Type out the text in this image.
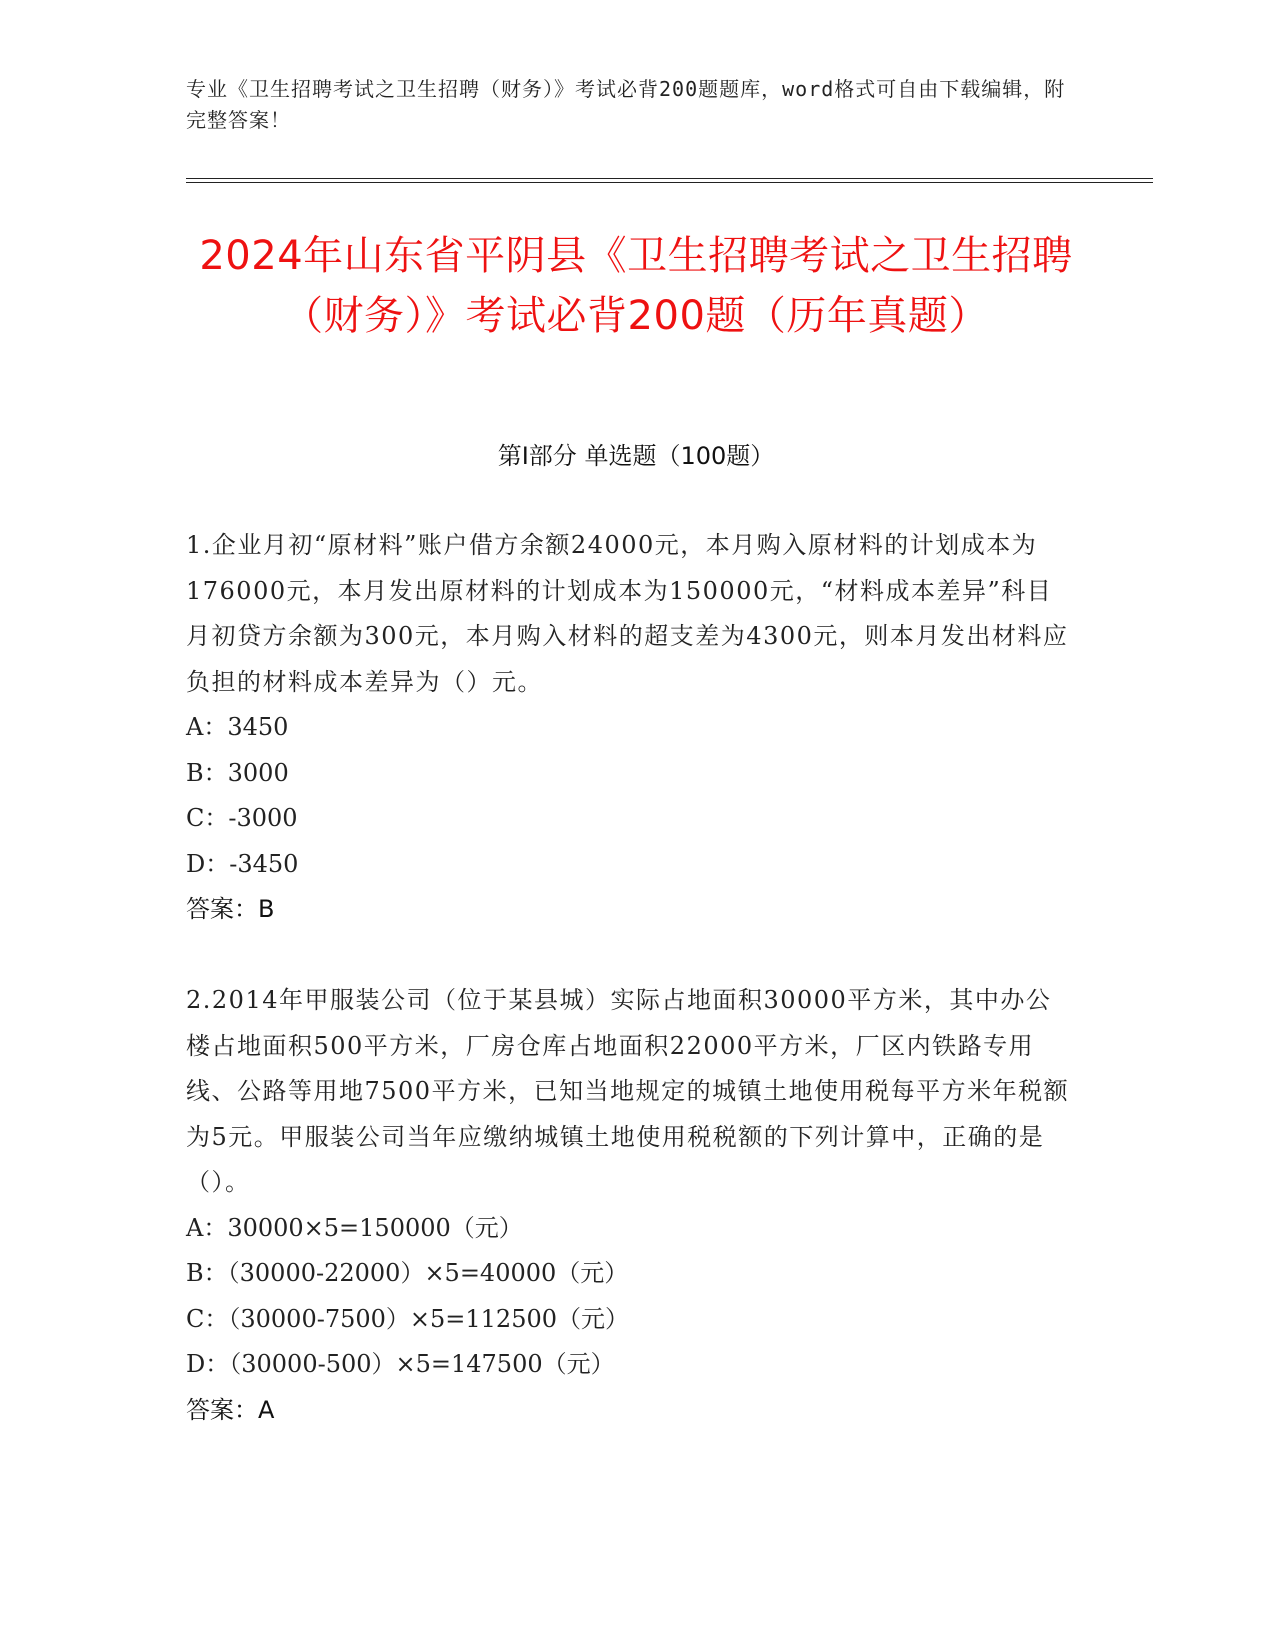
专业《卫生招聘考试之卫生招聘（财务）》考试必背200题题库，word格式可自由下载编辑，附完整答案！
2024年山东省平阴县《卫生招聘考试之卫生招聘（财务）》考试必背200题（历年真题）
第I部分 单选题（100题）
1.企业月初“原材料”账户借方余额24000元，本月购入原材料的计划成本为176000元，本月发出原材料的计划成本为150000元，“材料成本差异”科目月初贷方余额为300元，本月购入材料的超支差为4300元，则本月发出材料应负担的材料成本差异为（）元。
A：3450
B：3000
C：-3000
D：-3450
答案：B
2.2014年甲服装公司（位于某县城）实际占地面积30000平方米，其中办公楼占地面积500平方米，厂房仓库占地面积22000平方米，厂区内铁路专用线、公路等用地7500平方米，已知当地规定的城镇土地使用税每平方米年税额为5元。甲服装公司当年应缴纳城镇土地使用税税额的下列计算中，正确的是（）。
A：30000×5=150000（元）
B：（30000-22000）×5=40000（元）
C：（30000-7500）×5=112500（元）
D：（30000-500）×5=147500（元）
答案：A
